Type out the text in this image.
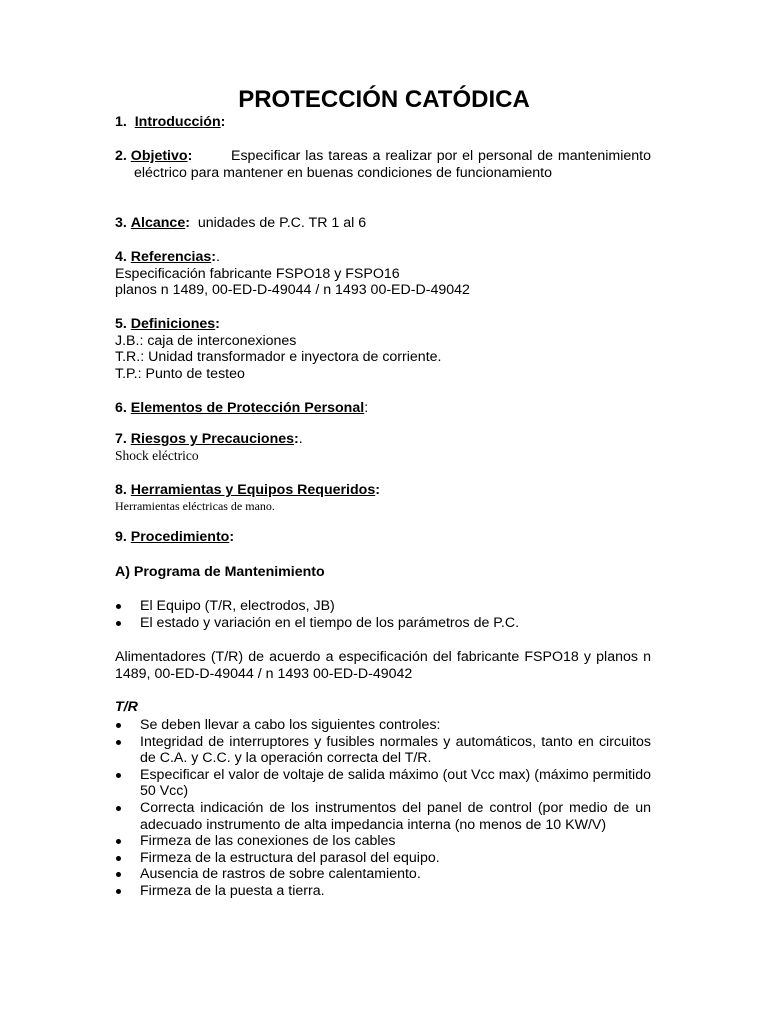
PROTECCIÓN CATÓDICA
1. Introducción:
2. Objetivo:	Especificar las tareas a realizar por el personal de mantenimiento eléctrico para mantener en buenas condiciones de funcionamiento
3. Alcance: unidades de P.C. TR 1 al 6
4. Referencias:.
Especificación fabricante FSPO18 y FSPO16
planos n 1489, 00-ED-D-49044 / n 1493 00-ED-D-49042
5. Definiciones:
J.B.: caja de interconexiones
T.R.: Unidad transformador e inyectora de corriente.
T.P.: Punto de testeo
6. Elementos de Protección Personal:
7. Riesgos y Precauciones:.
Shock eléctrico
8. Herramientas y Equipos Requeridos:
Herramientas eléctricas de mano.
9. Procedimiento:
A) Programa de Mantenimiento
El Equipo (T/R, electrodos, JB)
El estado y variación en el tiempo de los parámetros de P.C.
Alimentadores (T/R) de acuerdo a especificación del fabricante FSPO18 y planos n 1489, 00-ED-D-49044 / n 1493 00-ED-D-49042
T/R
Se deben llevar a cabo los siguientes controles:
Integridad de interruptores y fusibles normales y automáticos, tanto en circuitos de C.A. y C.C. y la operación correcta del T/R.
Especificar el valor de voltaje de salida máximo (out Vcc max) (máximo permitido 50 Vcc)
Correcta indicación de los instrumentos del panel de control (por medio de un adecuado instrumento de alta impedancia interna (no menos de 10 KW/V)
Firmeza de las conexiones de los cables
Firmeza de la estructura del parasol del equipo.
Ausencia de rastros de sobre calentamiento.
Firmeza de la puesta a tierra.
